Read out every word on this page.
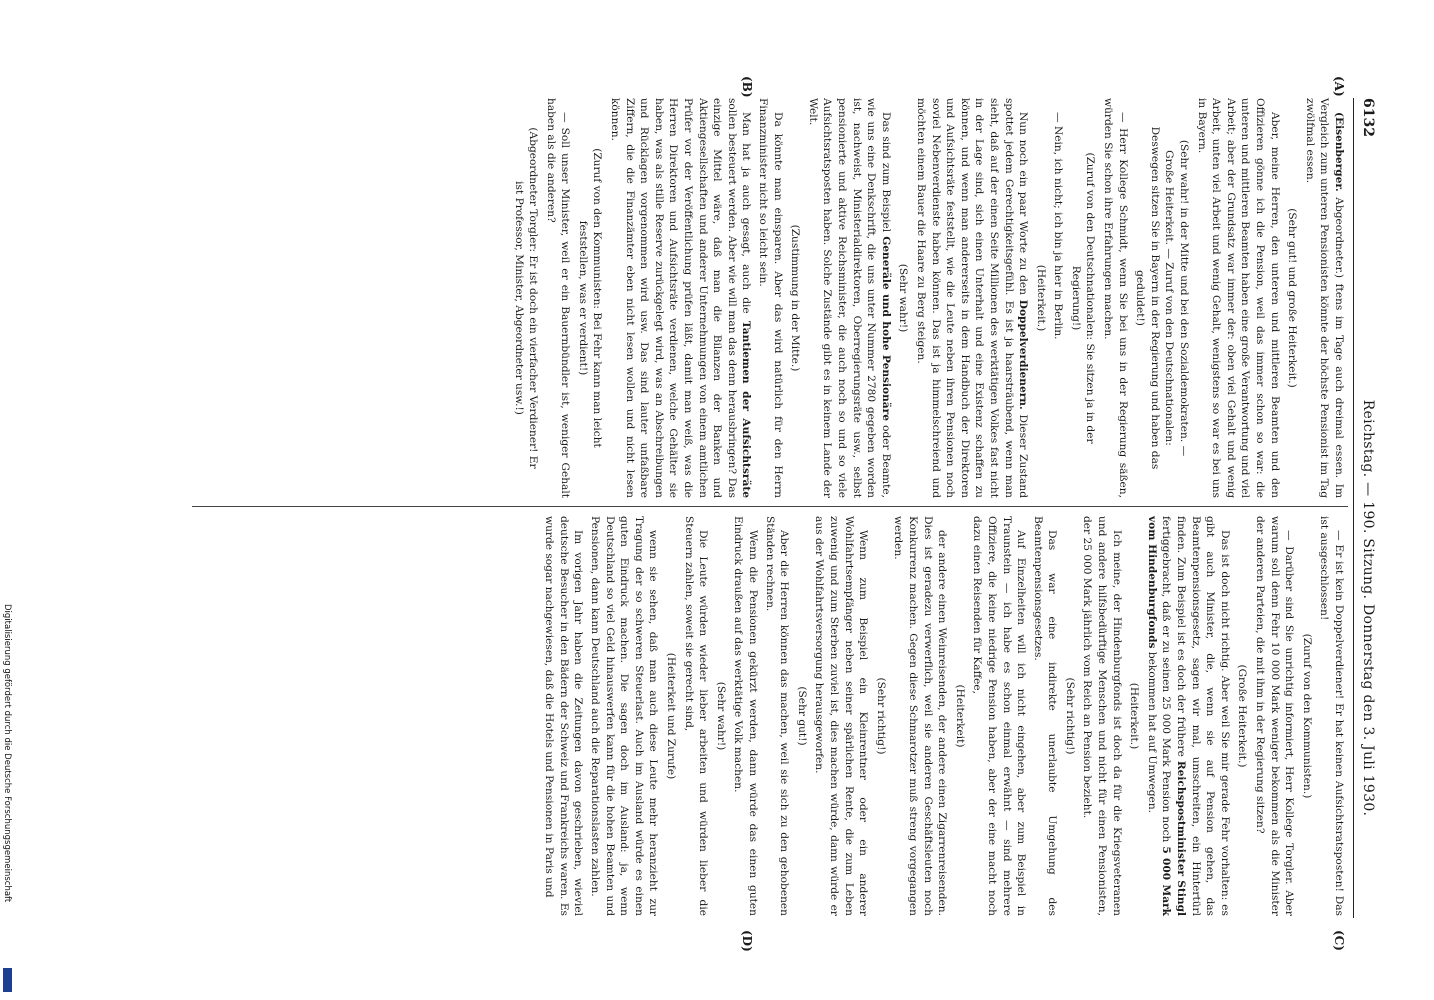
Digitalisierung gefördert durch die Deutsche Forschungsgemeinschaft
6132
Reichstag. — 190. Sitzung. Donnerstag den 3. Juli 1930.
(A)
(B)
(C)
(D)

(Eisenberger. Abgeordneter.) ftens im Tage auch dreimal essen. Im Vergleich zum unteren Pensionisten könnte der höchste Pensionist im Tag zwölfmal essen.

(Sehr gut! und große Heiterkeit.)

Aber, meine Herren, den unteren und mittleren Beamten und den Offizieren gönne ich die Pension, weil das immer schon so war: die unteren und mittleren Beamten haben eine große Verantwortung und viel Arbeit; aber der Grundsatz war immer der: oben viel Gehalt und wenig Arbeit, unten viel Arbeit und wenig Gehalt, wenigstens so war es bei uns in Bayern.

(Sehr wahr! in der Mitte und bei den Sozialdemokraten. — Große Heiterkeit. — Zuruf von den Deutschnationalen: Deswegen sitzen Sie in Bayern in der Regierung und haben das geduldet!)

— Herr Kollege Schmidt, wenn Sie bei uns in der Regierung säßen, würden Sie schon ihre Erfahrungen machen.

(Zuruf von den Deutschnationalen: Sie sitzen ja in der Regierung!)

— Nein, ich nicht; ich bin ja hier in Berlin.

(Heiterkeit.)

Nun noch ein paar Worte zu den Doppelverdienern. Dieser Zustand spottet jedem Gerechtigkeitsgefühl. Es ist ja haarsträubend, wenn man sieht, daß auf der einen Seite Millionen des werktätigen Volkes fast nicht in der Lage sind, sich einen Unterhalt und eine Existenz schaffen zu können, und wenn man andererseits in dem Handbuch der Direktoren und Aufsichtsräte feststellt, wie die Leute neben ihren Pensionen noch soviel Nebenverdienste haben können. Das ist ja himmelschreiend und möchten einem Bauer die Haare zu Berg steigen.

(Sehr wahr!)

Das sind zum Beispiel Generäle und hohe Pensionäre oder Beamte, wie uns eine Denkschrift, die uns unter Nummer 2780 gegeben worden ist, nachweist, Ministerialdirektoren, Oberregierungsräte usw., selbst pensionierte und aktive Reichsminister, die auch noch so und so viele Aufsichtsratsposten haben. Solche Zustände gibt es in keinem Lande der Welt.

(Zustimmung in der Mitte.)

Da könnte man einsparen. Aber das wird natürlich für den Herrn Finanzminister nicht so leicht sein.

Man hat ja auch gesagt, auch die Tantiemen der Aufsichtsräte sollen besteuert werden. Aber wie will man das denn herausbringen? Das einzige Mittel wäre, daß man die Bilanzen der Banken und Aktiengesellschaften und anderer Unternehmungen von einem amtlichen Prüfer vor der Veröffentlichung prüfen läßt, damit man weiß, was die Herren Direktoren und Aufsichtsräte verdienen, welche Gehälter sie haben, was als stille Reserve zurückgelegt wird, was an Abschreibungen und Rücklagen vorgenommen wird usw. Das sind lauter unfaßbare Ziffern, die die Finanzämter eben nicht lesen wollen und nicht lesen können.

(Zuruf von den Kommunisten: Bei Fehr kann man leicht feststellen, was er verdient!)

— Soll unser Minister, weil er ein Bauernbündler ist, weniger Gehalt haben als die anderen?

(Abgeordneter Torgler: Er ist doch ein vierfacher Verdiener! Er ist Professor, Minister, Abgeordneter usw.!)

— Er ist kein Doppelverdiener! Er hat keinen Aufsichtsratsposten! Das ist ausgeschlossen!

(Zuruf von den Kommunisten.)

— Darüber sind Sie unrichtig informiert, Herr Kollege Torgler. Aber warum soll denn Fehr 10 000 Mark weniger bekommen als die Minister der anderen Parteien, die mit ihm in der Regierung sitzen?

(Große Heiterkeit.)

Das ist doch nicht richtig. Aber weil Sie mir gerade Fehr vorhalten: es gibt auch Minister, die, wenn sie auf Pension gehen, das Beamtenpensionsgesetz, sagen wir mal, umschreiten, ein Hintertürl finden. Zum Beispiel ist es doch der frühere Reichspostminister Stingl fertiggebracht, daß er zu seinen 25 000 Mark Pension noch 5 000 Mark vom Hindenburgfonds bekommen hat auf Umwegen.

(Heiterkeit.)

Ich meine, der Hindenburgfonds ist doch da für die Kriegsveteranen und andere hilfsbedürftige Menschen und nicht für einen Pensionisten, der 25 000 Mark jährlich vom Reich an Pension bezieht.

(Sehr richtig!)

Das war eine indirekte unerlaubte Umgehung des Beamtenpensionsgesetzes.

Auf Einzelheiten will ich nicht eingehen, aber zum Beispiel in Traunstein — ich habe es schon einmal erwähnt — sind mehrere Offiziere, die keine niedrige Pension haben, aber der eine macht noch dazu einen Reisenden für Kaffee,

(Heiterkeit)

der andere einen Weinreisenden, der andere einen Zigarrenreisenden. Dies ist geradezu verwerflich, weil sie anderen Geschäftsleuten noch Konkurrenz machen. Gegen diese Schmarotzer muß streng vorgegangen werden.

(Sehr richtig!)

Wenn zum Beispiel ein Kleinrentner oder ein anderer Wohlfahrtsempfänger neben seiner spärlichen Rente, die zum Leben zuwenig und zum Sterben zuviel ist, dies machen würde, dann würde er aus der Wohlfahrtsversorgung herausgeworfen.

(Sehr gut!)

Aber die Herren können das machen, weil sie sich zu den gehobenen Ständen rechnen.

Wenn die Pensionen gekürzt werden, dann würde das einen guten Eindruck draußen auf das werktätige Volk machen.

(Sehr wahr!)

Die Leute würden wieder lieber arbeiten und würden lieber die Steuern zahlen, soweit sie gerecht sind,

(Heiterkeit und Zurufe)

wenn sie sehen, daß man auch diese Leute mehr heranzieht zur Tragung der so schweren Steuerlast. Auch im Ausland würde es einen guten Eindruck machen. Die sagen doch im Ausland: ja, wenn Deutschland so viel Geld hinauswerfen kann für die hohen Beamten und Pensionen, dann kann Deutschland auch die Reparationslasten zahlen.

Im vorigen Jahr haben die Zeitungen davon geschrieben, wieviel deutsche Besucher in den Bädern der Schweiz und Frankreichs waren. Es wurde sogar nachgewiesen, daß die Hotels und Pensionen in Paris und
